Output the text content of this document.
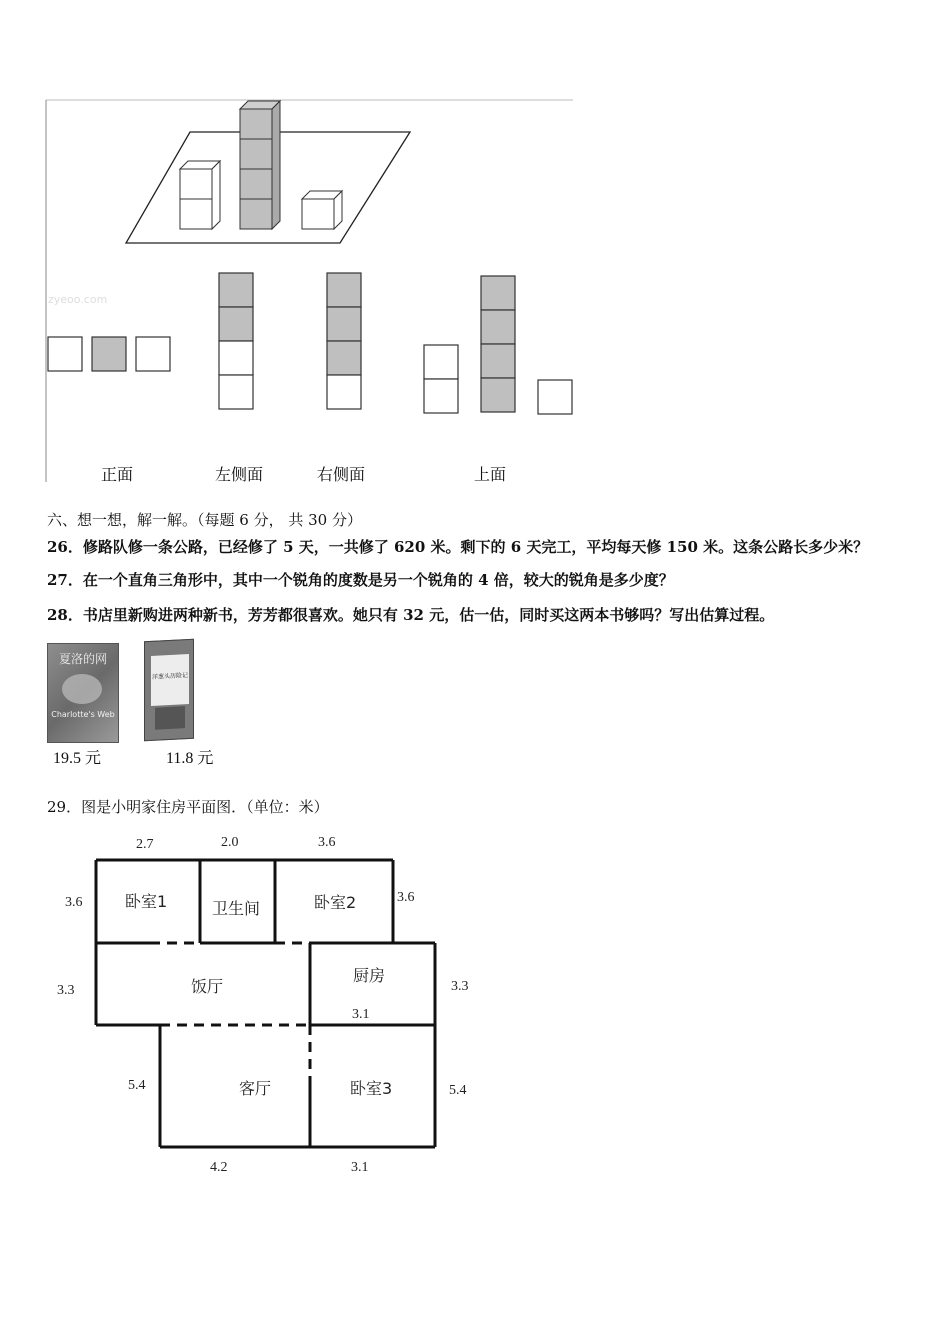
zyeoo.com
正面	左侧面	右侧面	上面
六、想一想，解一解。（每题 6 分， 共 30 分）
26．修路队修一条公路，已经修了 5 天，一共修了 620 米。剩下的 6 天完工，平均每天修 150 米。这条公路长多少米？
27．在一个直角三角形中，其中一个锐角的度数是另一个锐角的 4 倍，较大的锐角是多少度？
28．书店里新购进两种新书，芳芳都很喜欢。她只有 32 元，估一估，同时买这两本书够吗？写出估算过程。
夏洛的网
Charlotte's Web
19.5 元
洋葱头历险记
11.8 元
29．图是小明家住房平面图．（单位：米）
卧室1	卫生间	卧室2
饭厅
厨房
客厅	卧室3
2.7	2.0	3.6
3.6	3.6
3.3	3.3
3.1
5.4	5.4
4.2	3.1
